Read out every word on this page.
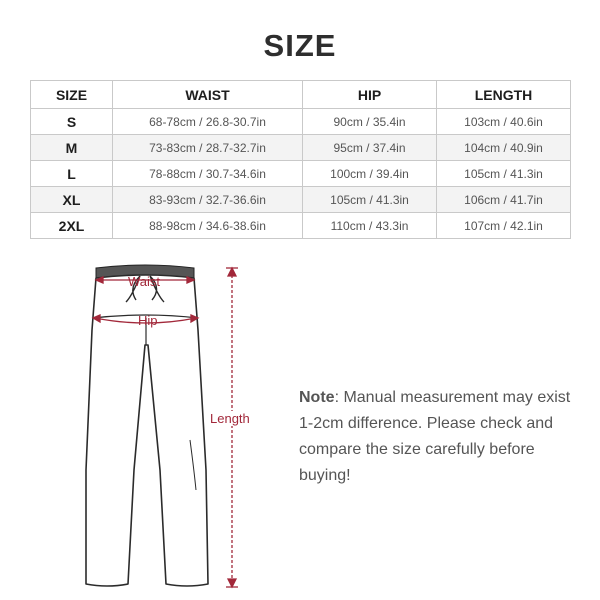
SIZE
SIZE	WAIST	HIP	LENGTH
S	68-78cm / 26.8-30.7in	90cm / 35.4in	103cm / 40.6in
M	73-83cm / 28.7-32.7in	95cm / 37.4in	104cm / 40.9in
L	78-88cm / 30.7-34.6in	100cm / 39.4in	105cm / 41.3in
XL	83-93cm / 32.7-36.6in	105cm / 41.3in	106cm / 41.7in
2XL	88-98cm / 34.6-38.6in	110cm / 43.3in	107cm / 42.1in
Waist
Hip
Length
Note: Manual measurement may exist 1-2cm difference. Please check and compare the size carefully before buying!
